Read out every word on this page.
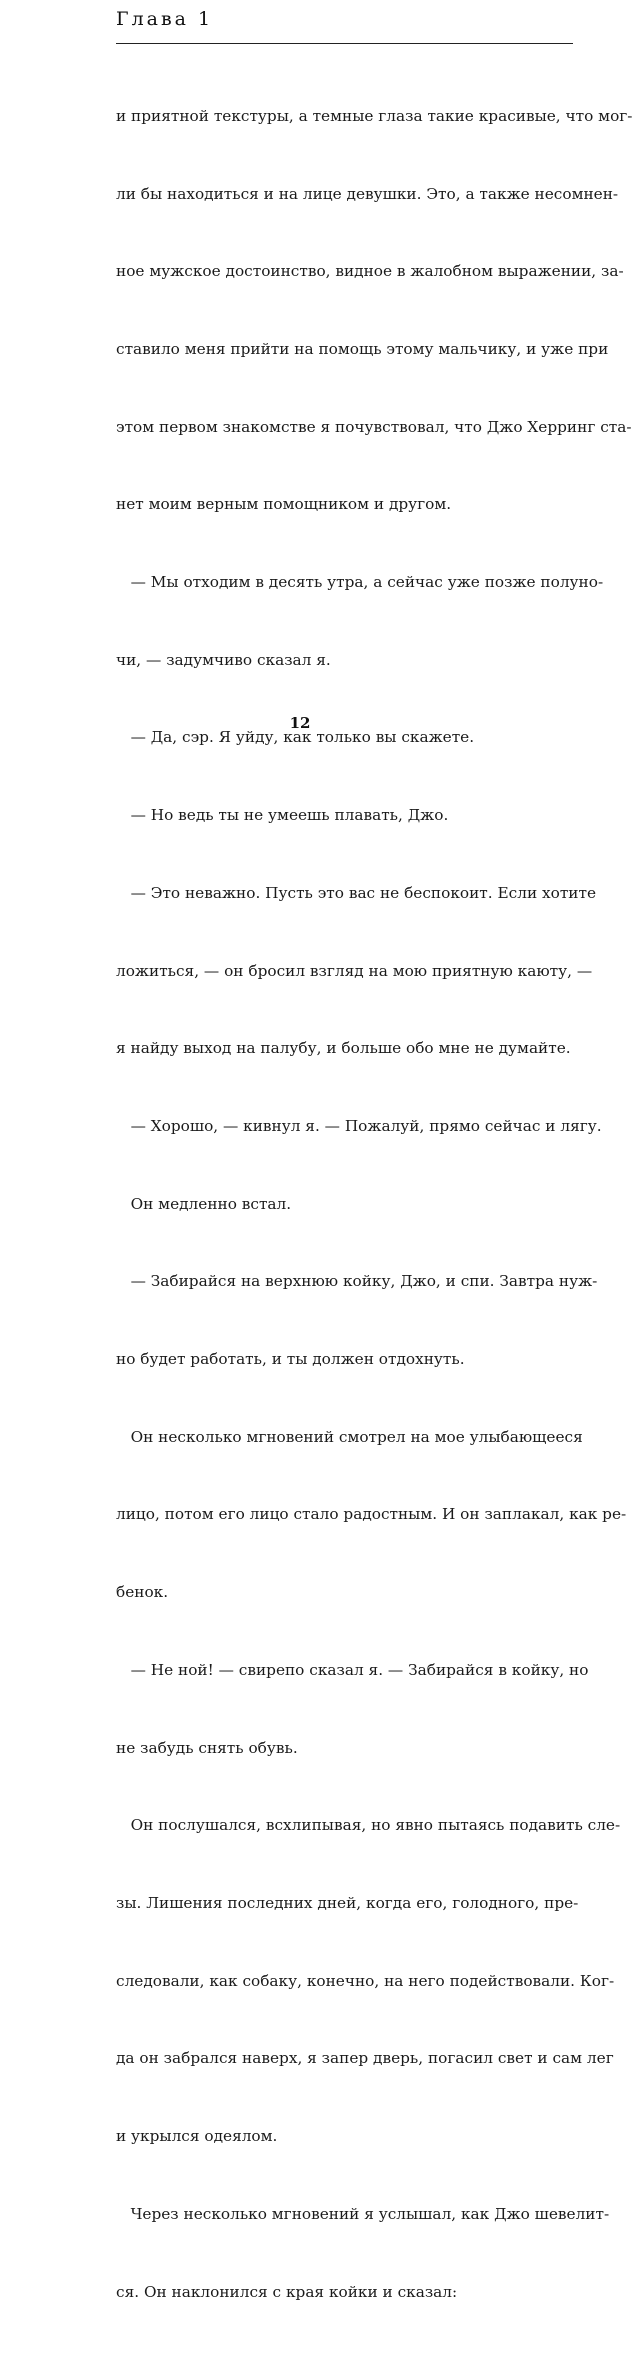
Глава 1

и приятной текстуры, а темные глаза такие красивые, что мог-

ли бы находиться и на лице девушки. Это, а также несомнен-

ное мужское достоинство, видное в жалобном выражении, за-

ставило меня прийти на помощь этому мальчику, и уже при

этом первом знакомстве я почувствовал, что Джо Херринг ста-

нет моим верным помощником и другом.

— Мы отходим в десять утра, а сейчас уже позже полуно-

чи, — задумчиво сказал я.

— Да, сэр. Я уйду, как только вы скажете.

— Но ведь ты не умеешь плавать, Джо.

— Это неважно. Пусть это вас не беспокоит. Если хотите

ложиться, — он бросил взгляд на мою приятную каюту, —

я найду выход на палубу, и больше обо мне не думайте.

— Хорошо, — кивнул я. — Пожалуй, прямо сейчас и лягу.

Он медленно встал.

— Забирайся на верхнюю койку, Джо, и спи. Завтра нуж-

но будет работать, и ты должен отдохнуть.

Он несколько мгновений смотрел на мое улыбающееся

лицо, потом его лицо стало радостным. И он заплакал, как ре-

бенок.

— Не ной! — свирепо сказал я. — Забирайся в койку, но

не забудь снять обувь.

Он послушался, всхлипывая, но явно пытаясь подавить сле-

зы. Лишения последних дней, когда его, голодного, пре-

следовали, как собаку, конечно, на него подействовали. Ког-

да он забрался наверх, я запер дверь, погасил свет и сам лег

и укрылся одеялом.

Через несколько мгновений я услышал, как Джо шевелит-

ся. Он наклонился с края койки и сказал:

12
